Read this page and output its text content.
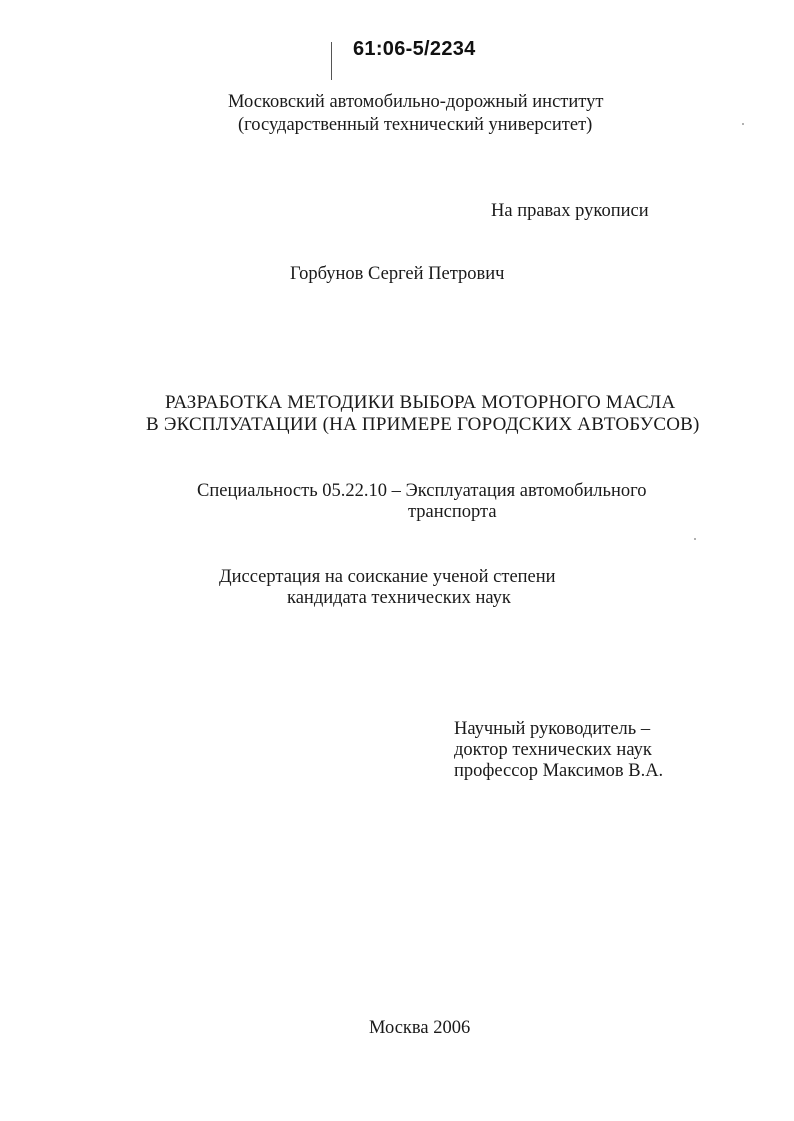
61:06-5/2234
Московский автомобильно-дорожный институт
(государственный технический университет)
На правах рукописи
Горбунов Сергей Петрович
РАЗРАБОТКА МЕТОДИКИ ВЫБОРА МОТОРНОГО МАСЛА
В ЭКСПЛУАТАЦИИ (НА ПРИМЕРЕ ГОРОДСКИХ АВТОБУСОВ)
Специальность 05.22.10 – Эксплуатация автомобильного
транспорта
Диссертация на соискание ученой степени
кандидата технических наук
Научный руководитель –
доктор технических наук
профессор Максимов В.А.
Москва 2006
